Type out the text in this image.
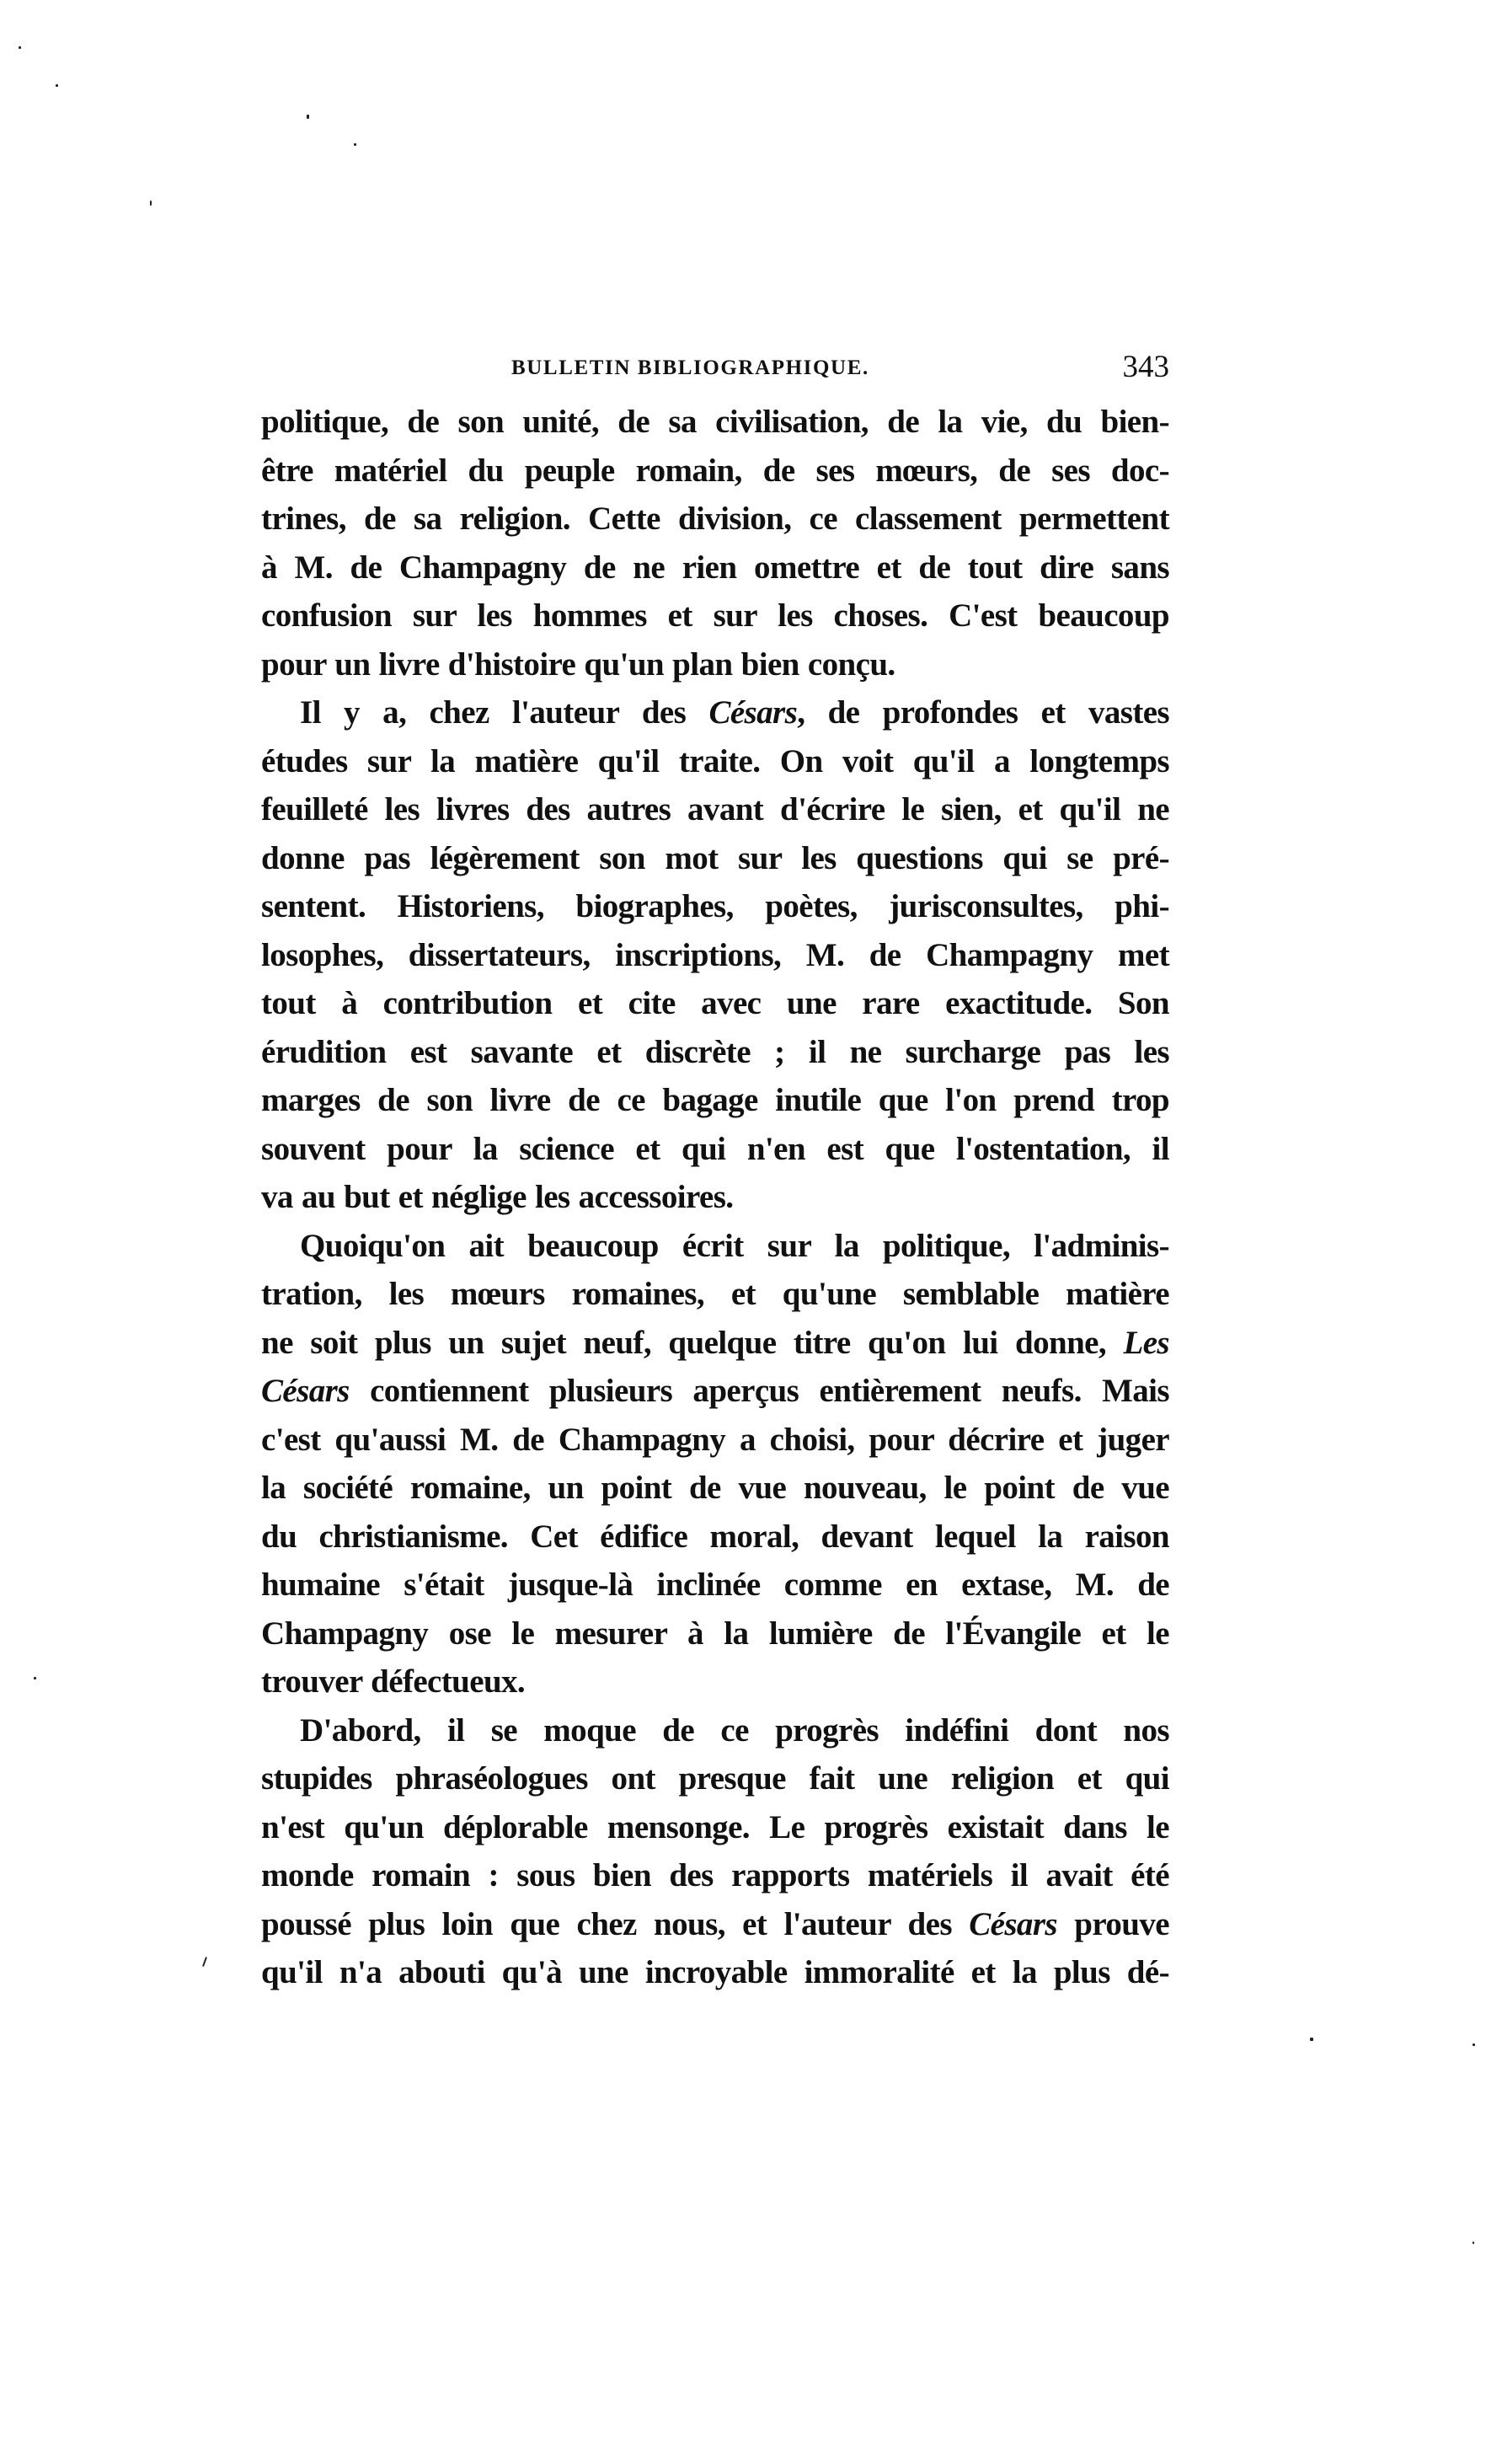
BULLETIN BIBLIOGRAPHIQUE.	343
politique, de son unité, de sa civilisation, de la vie, du bien-
être matériel du peuple romain, de ses mœurs, de ses doc-
trines, de sa religion. Cette division, ce classement permettent
à M. de Champagny de ne rien omettre et de tout dire sans
confusion sur les hommes et sur les choses. C'est beaucoup
pour un livre d'histoire qu'un plan bien conçu.
Il y a, chez l'auteur des Césars, de profondes et vastes
études sur la matière qu'il traite. On voit qu'il a longtemps
feuilleté les livres des autres avant d'écrire le sien, et qu'il ne
donne pas légèrement son mot sur les questions qui se pré-
sentent. Historiens, biographes, poètes, jurisconsultes, phi-
losophes, dissertateurs, inscriptions, M. de Champagny met
tout à contribution et cite avec une rare exactitude. Son
érudition est savante et discrète ; il ne surcharge pas les
marges de son livre de ce bagage inutile que l'on prend trop
souvent pour la science et qui n'en est que l'ostentation, il
va au but et néglige les accessoires.
Quoiqu'on ait beaucoup écrit sur la politique, l'adminis-
tration, les mœurs romaines, et qu'une semblable matière
ne soit plus un sujet neuf, quelque titre qu'on lui donne, Les
Césars contiennent plusieurs aperçus entièrement neufs. Mais
c'est qu'aussi M. de Champagny a choisi, pour décrire et juger
la société romaine, un point de vue nouveau, le point de vue
du christianisme. Cet édifice moral, devant lequel la raison
humaine s'était jusque-là inclinée comme en extase, M. de
Champagny ose le mesurer à la lumière de l'Évangile et le
trouver défectueux.
D'abord, il se moque de ce progrès indéfini dont nos
stupides phraséologues ont presque fait une religion et qui
n'est qu'un déplorable mensonge. Le progrès existait dans le
monde romain : sous bien des rapports matériels il avait été
poussé plus loin que chez nous, et l'auteur des Césars prouve
qu'il n'a abouti qu'à une incroyable immoralité et la plus dé-
